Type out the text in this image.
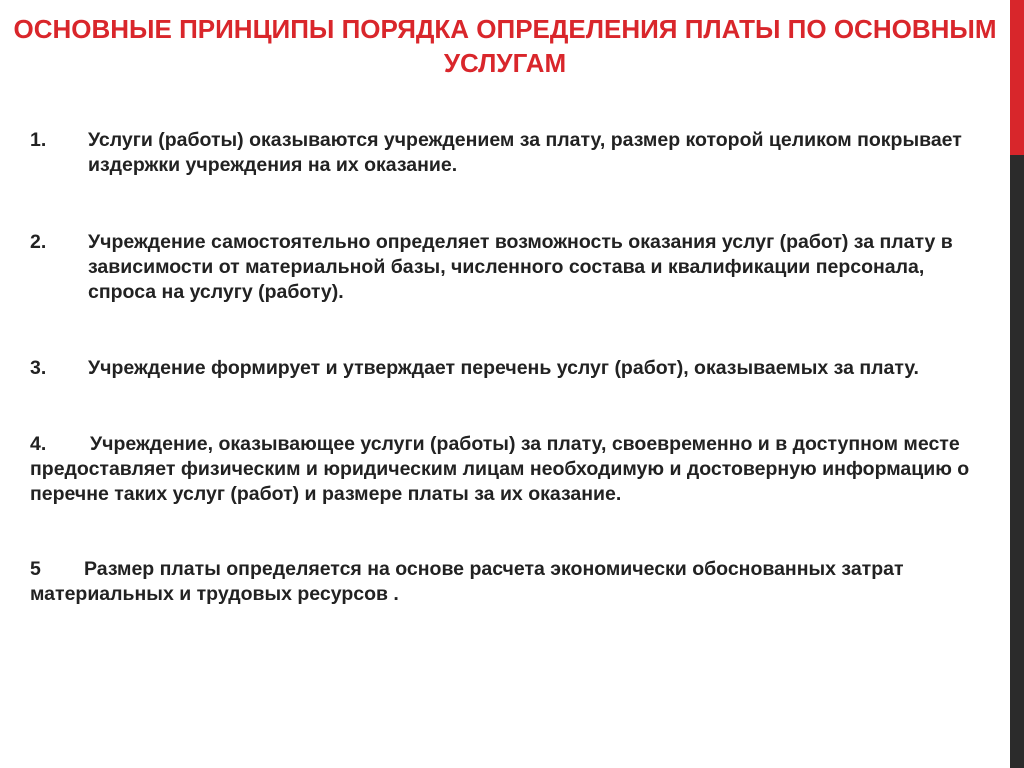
ОСНОВНЫЕ ПРИНЦИПЫ ПОРЯДКА ОПРЕДЕЛЕНИЯ ПЛАТЫ ПО ОСНОВНЫМ УСЛУГАМ
1.	Услуги (работы) оказываются учреждением за плату, размер которой целиком покрывает издержки учреждения на их оказание.
2.	Учреждение самостоятельно определяет возможность оказания услуг (работ) за плату в зависимости от материальной базы, численного состава и квалификации персонала, спроса на услугу (работу).
3.	Учреждение формирует и утверждает перечень услуг (работ), оказываемых за плату.
4. Учреждение, оказывающее услуги (работы) за плату, своевременно и в доступном месте предоставляет физическим и юридическим лицам необходимую и достоверную информацию о перечне таких услуг (работ) и размере платы за их оказание.
5 Размер платы определяется на основе расчета экономически обоснованных затрат материальных и трудовых ресурсов .
